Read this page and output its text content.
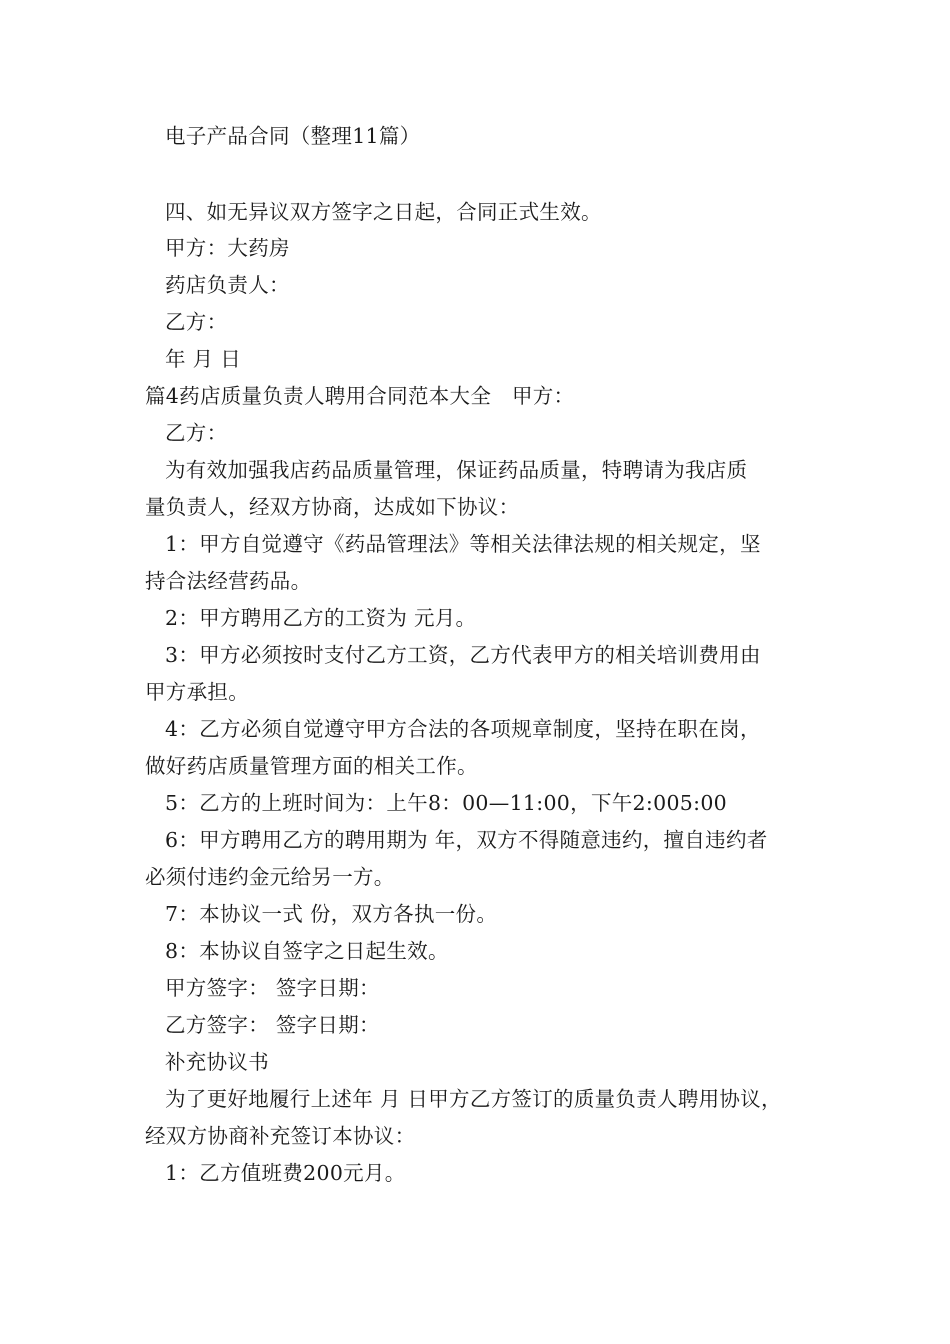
电子产品合同（整理11篇）
四、如无异议双方签字之日起，合同正式生效。
甲方：大药房
药店负责人：
乙方：
年 月 日
篇4药店质量负责人聘用合同范本大全　甲方：
乙方：
为有效加强我店药品质量管理，保证药品质量，特聘请为我店质
量负责人，经双方协商，达成如下协议：
1：甲方自觉遵守《药品管理法》等相关法律法规的相关规定，坚
持合法经营药品。
2：甲方聘用乙方的工资为 元月。
3：甲方必须按时支付乙方工资，乙方代表甲方的相关培训费用由
甲方承担。
4：乙方必须自觉遵守甲方合法的各项规章制度，坚持在职在岗，
做好药店质量管理方面的相关工作。
5：乙方的上班时间为：上午8：00—11:00，下午2:005:00
6：甲方聘用乙方的聘用期为 年，双方不得随意违约，擅自违约者
必须付违约金元给另一方。
7：本协议一式 份，双方各执一份。
8：本协议自签字之日起生效。
甲方签字： 签字日期：
乙方签字： 签字日期：
补充协议书
为了更好地履行上述年 月 日甲方乙方签订的质量负责人聘用协议，
经双方协商补充签订本协议：
1：乙方值班费200元月。
